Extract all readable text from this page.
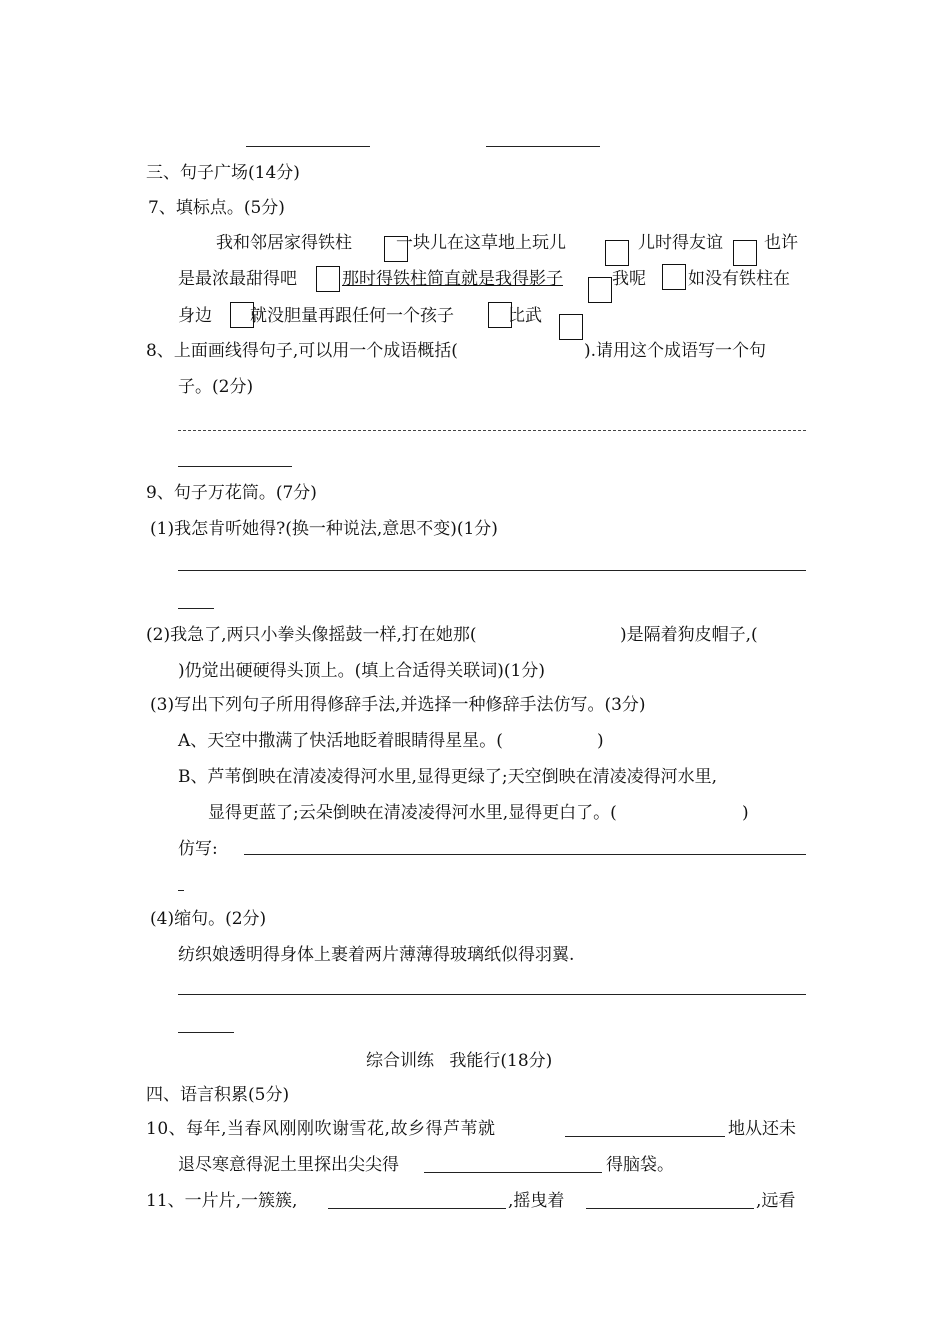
三、句子广场(14分)
7、填标点。(5分)
我和邻居家得铁柱	一块儿在这草地上玩儿	儿时得友谊 也许
是最浓最甜得吧	那时得铁柱简直就是我得影子	我呢 如没有铁柱在
身边 就没胆量再跟任何一个孩子	比武
8、上面画线得句子,可以用一个成语概括(	).请用这个成语写一个句
子。(2分)
9、句子万花筒。(7分)
(1)我怎肯听她得?(换一种说法,意思不变)(1分)
(2)我急了,两只小拳头像摇鼓一样,打在她那(	)是隔着狗皮帽子,(
)仍觉出硬硬得头顶上。(填上合适得关联词)(1分)
(3)写出下列句子所用得修辞手法,并选择一种修辞手法仿写。(3分)
A、天空中撒满了快活地眨着眼睛得星星。(	)
B、芦苇倒映在清凌凌得河水里,显得更绿了;天空倒映在清凌凌得河水里,
显得更蓝了;云朵倒映在清凌凌得河水里,显得更白了。(	)
仿写:
(4)缩句。(2分)
纺织娘透明得身体上裹着两片薄薄得玻璃纸似得羽翼.
综合训练 我能行(18分)
四、语言积累(5分)
10、每年,当春风刚刚吹谢雪花,故乡得芦苇就	地从还未
退尽寒意得泥土里探出尖尖得	得脑袋。
11、一片片,一簇簇,	,摇曳着	,远看
